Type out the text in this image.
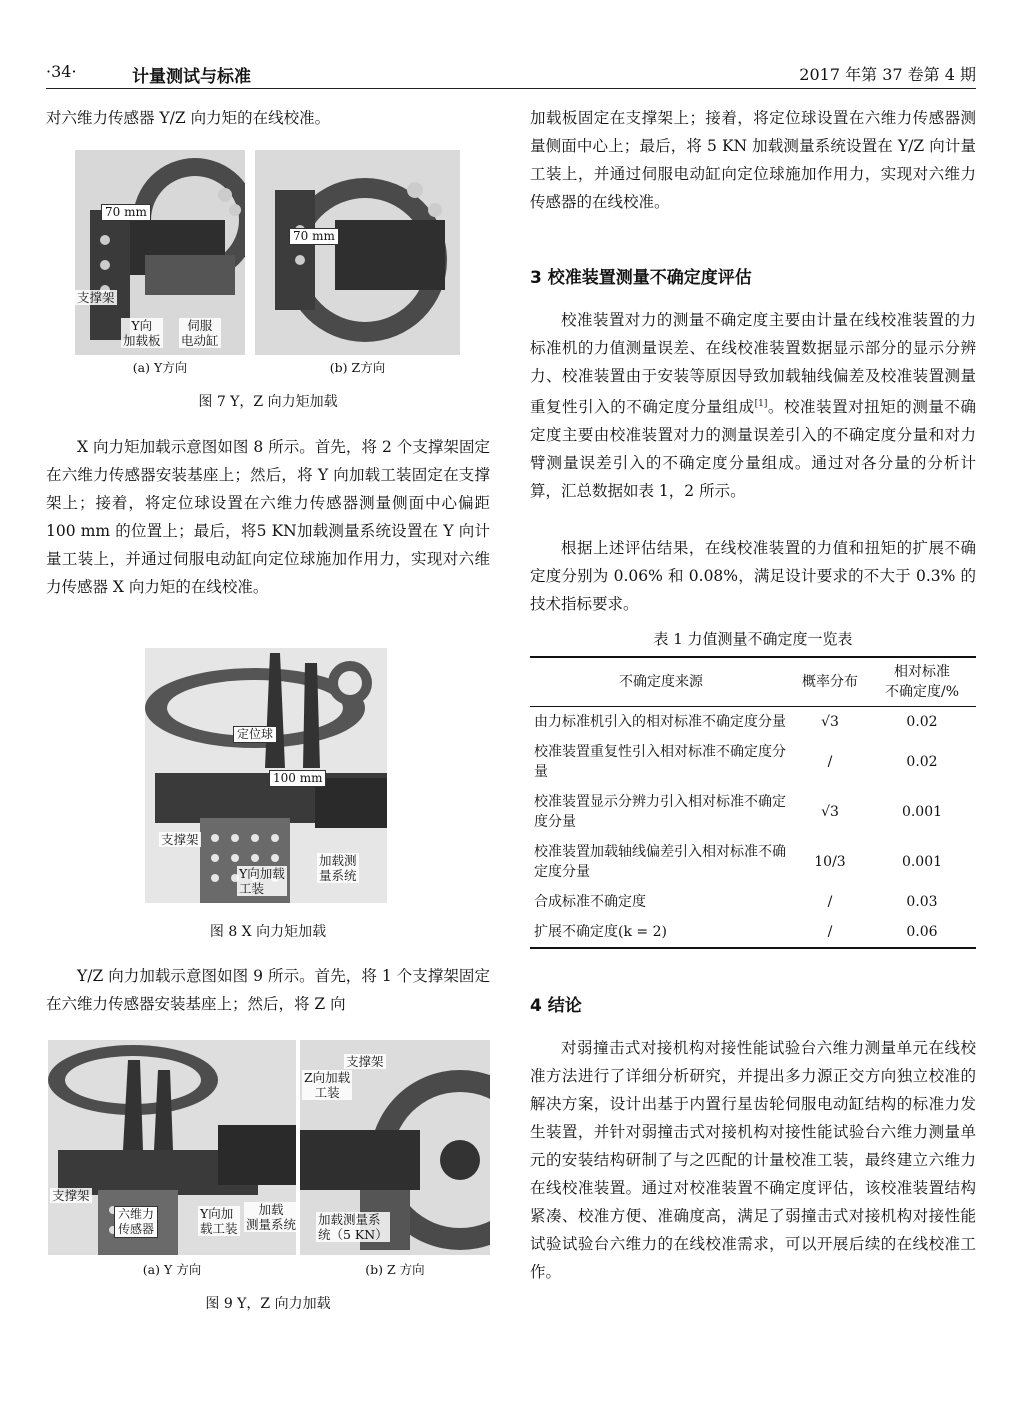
·34·	计量测试与标准	2017 年第 37 卷第 4 期

对六维力传感器 Y/Z 向力矩的在线校准。

70 mm
支撑架
Y向
加载板
伺服
电动缸
70 mm
(a) Y方向	(b) Z方向
图 7 Y，Z 向力矩加载

X 向力矩加载示意图如图 8 所示。首先，将 2 个支撑架固定在六维力传感器安装基座上；然后，将 Y 向加载工装固定在支撑架上；接着，将定位球设置在六维力传感器测量侧面中心偏距 100 mm 的位置上；最后，将5 KN加载测量系统设置在 Y 向计量工装上，并通过伺服电动缸向定位球施加作用力，实现对六维力传感器 X 向力矩的在线校准。

定位球
100 mm
支撑架
Y向加载
工装
加载测
量系统
图 8 X 向力矩加载

Y/Z 向力加载示意图如图 9 所示。首先，将 1 个支撑架固定在六维力传感器安装基座上；然后，将 Z 向

支撑架
六维力
传感器
Y向加
载工装
加载
测量系统
支撑架
Z向加载
工装
加载测量系
统（5 KN）
(a) Y 方向	(b) Z 方向
图 9 Y，Z 向力加载

加载板固定在支撑架上；接着，将定位球设置在六维力传感器测量侧面中心上；最后，将 5 KN 加载测量系统设置在 Y/Z 向计量工装上，并通过伺服电动缸向定位球施加作用力，实现对六维力传感器的在线校准。

3 校准装置测量不确定度评估

校准装置对力的测量不确定度主要由计量在线校准装置的力标准机的力值测量误差、在线校准装置数据显示部分的显示分辨力、校准装置由于安装等原因导致加载轴线偏差及校准装置测量重复性引入的不确定度分量组成[1]。校准装置对扭矩的测量不确定度主要由校准装置对力的测量误差引入的不确定度分量和对力臂测量误差引入的不确定度分量组成。通过对各分量的分析计算，汇总数据如表 1，2 所示。

根据上述评估结果，在线校准装置的力值和扭矩的扩展不确定度分别为 0.06% 和 0.08%，满足设计要求的不大于 0.3% 的技术指标要求。

表 1 力值测量不确定度一览表
不确定度来源	概率分布	相对标准
不确定度/%
由力标准机引入的相对标准不确定度分量	√3	0.02
校准装置重复性引入相对标准不确定度分量	/	0.02
校准装置显示分辨力引入相对标准不确定度分量	√3	0.001
校准装置加载轴线偏差引入相对标准不确定度分量	10/3	0.001
合成标准不确定度	/	0.03
扩展不确定度(k = 2)	/	0.06

4 结论

对弱撞击式对接机构对接性能试验台六维力测量单元在线校准方法进行了详细分析研究，并提出多力源正交方向独立校准的解决方案，设计出基于内置行星齿轮伺服电动缸结构的标准力发生装置，并针对弱撞击式对接机构对接性能试验台六维力测量单元的安装结构研制了与之匹配的计量校准工装，最终建立六维力在线校准装置。通过对校准装置不确定度评估，该校准装置结构紧凑、校准方便、准确度高，满足了弱撞击式对接机构对接性能试验试验台六维力的在线校准需求，可以开展后续的在线校准工作。
